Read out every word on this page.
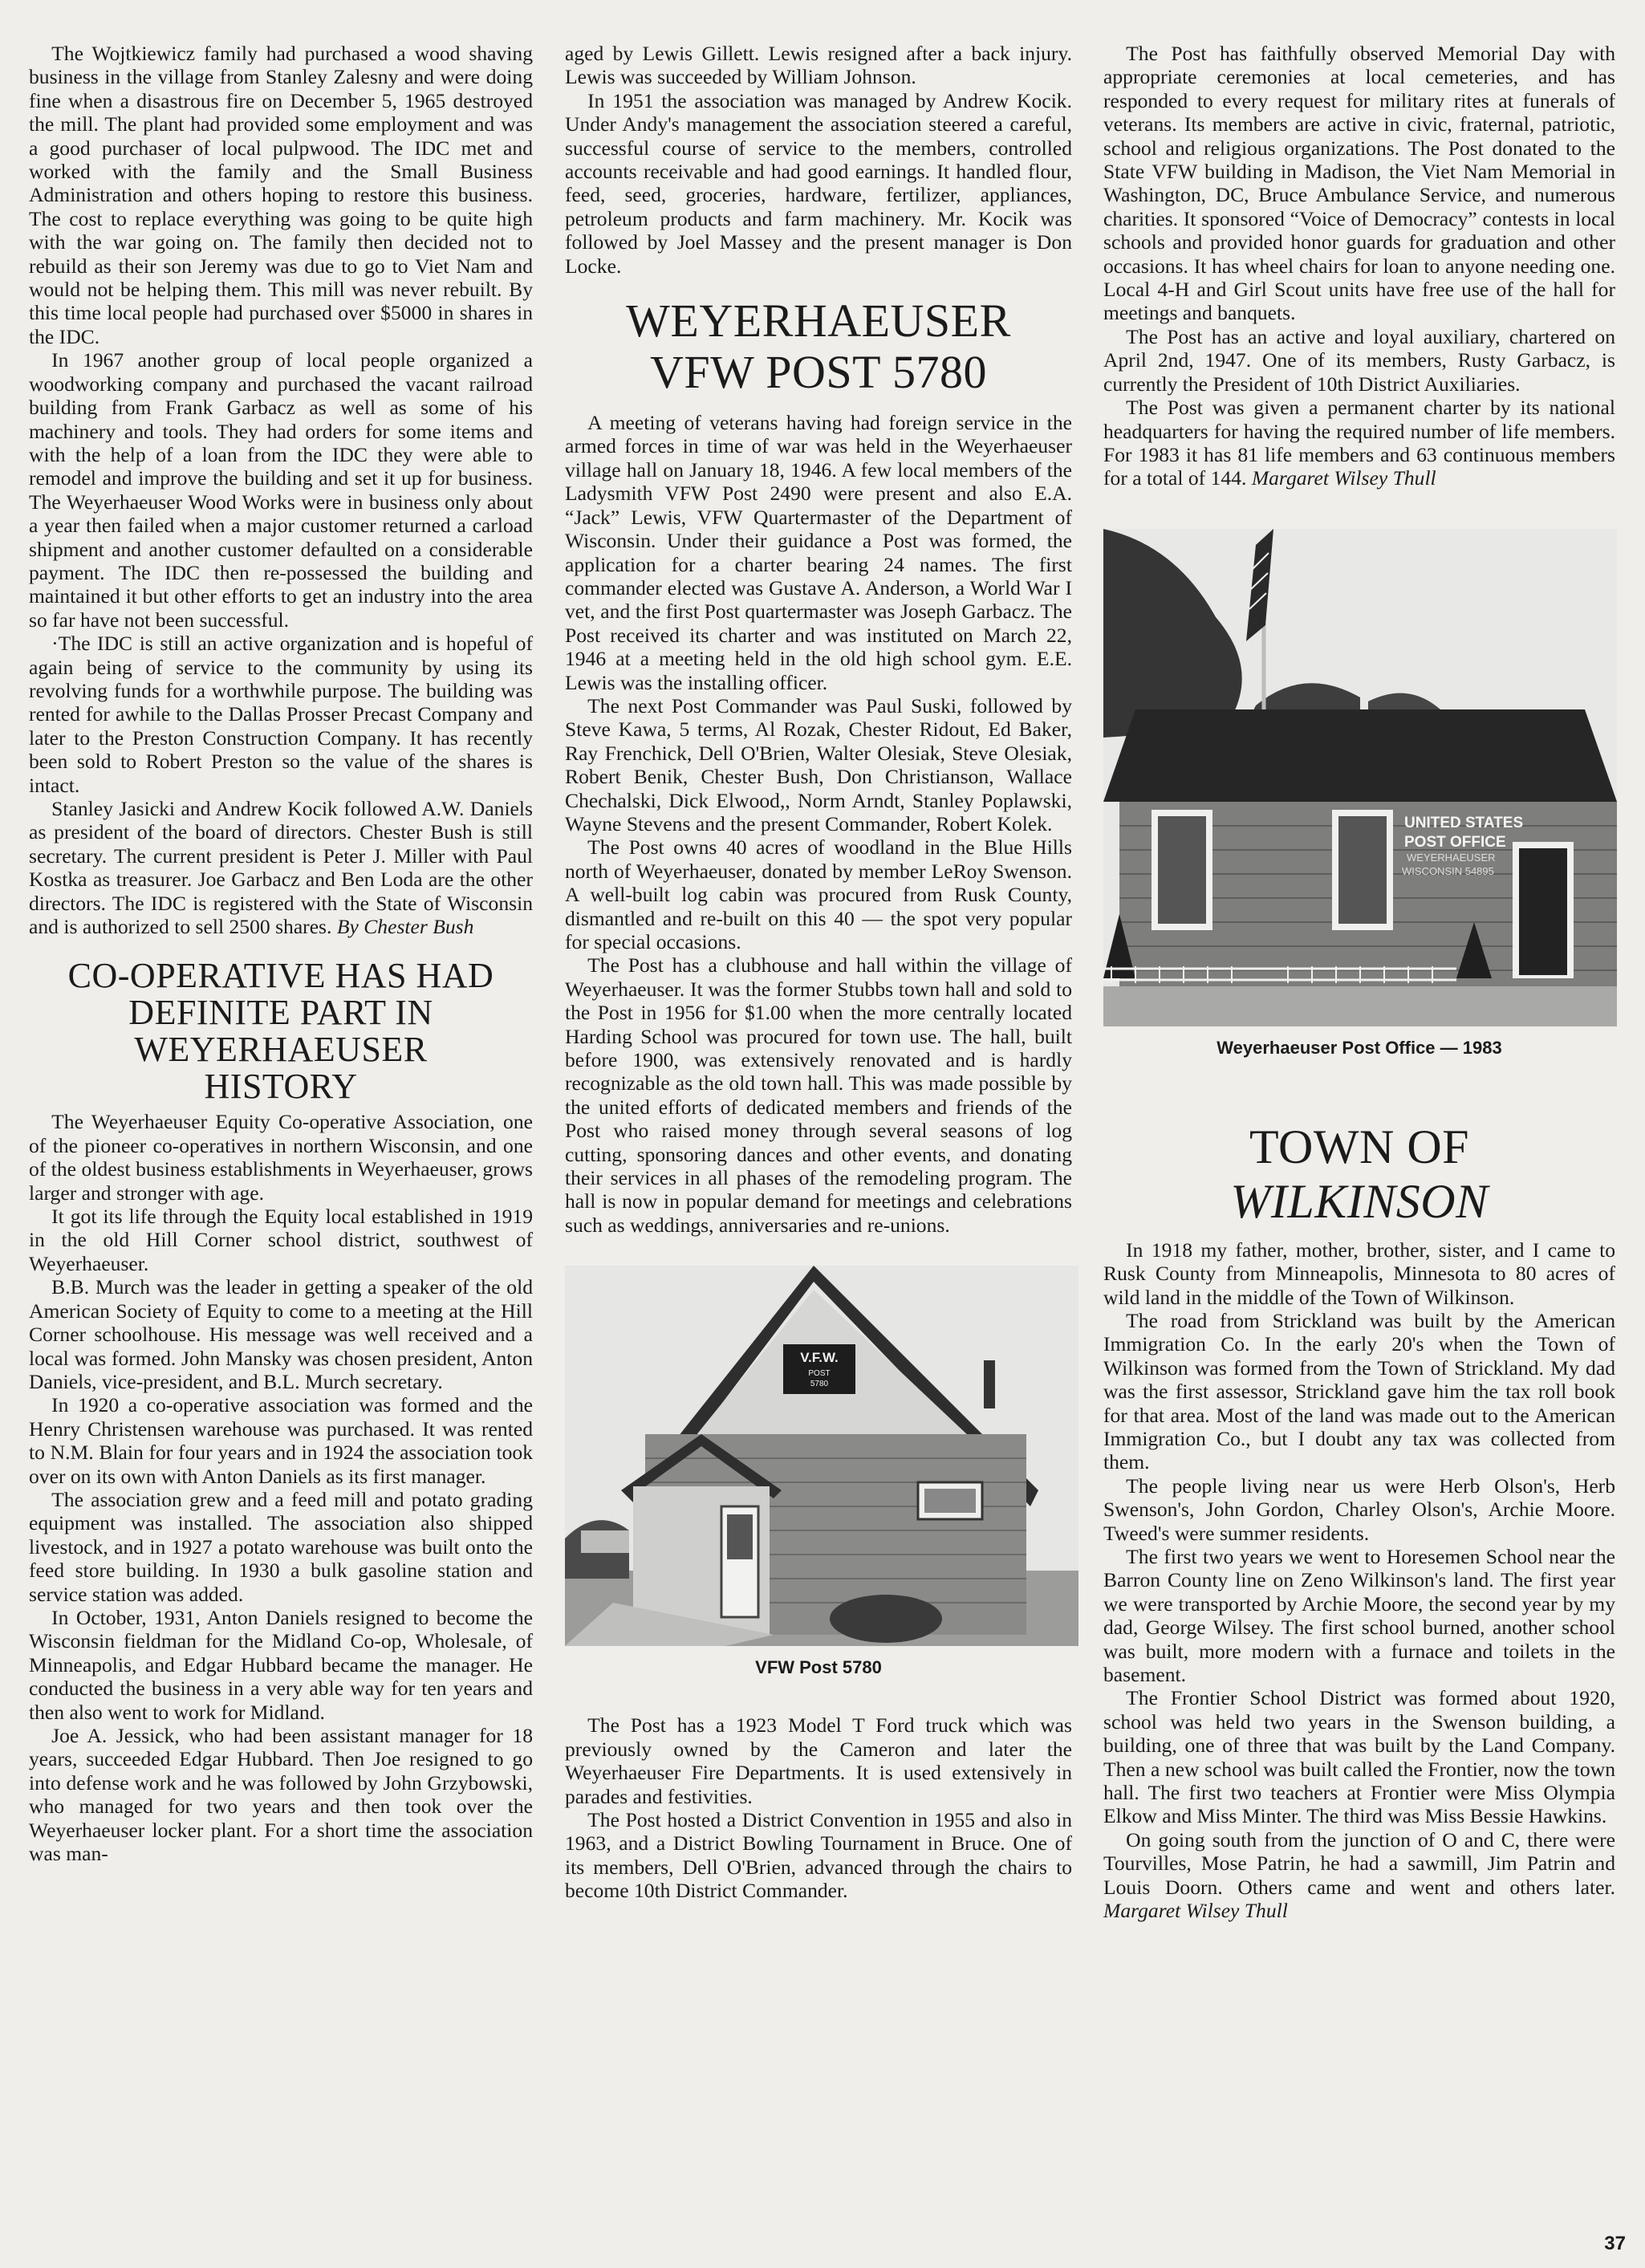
The Wojtkiewicz family had purchased a wood shaving business in the village from Stanley Zalesny and were doing fine when a disastrous fire on December 5, 1965 destroyed the mill. The plant had provided some employment and was a good purchaser of local pulpwood. The IDC met and worked with the family and the Small Business Administration and others hoping to restore this business. The cost to replace everything was going to be quite high with the war going on. The family then decided not to rebuild as their son Jeremy was due to go to Viet Nam and would not be helping them. This mill was never rebuilt. By this time local people had purchased over $5000 in shares in the IDC.

In 1967 another group of local people organized a woodworking company and purchased the vacant railroad building from Frank Garbacz as well as some of his machinery and tools. They had orders for some items and with the help of a loan from the IDC they were able to remodel and improve the building and set it up for business. The Weyerhaeuser Wood Works were in business only about a year then failed when a major customer returned a carload shipment and another customer defaulted on a considerable payment. The IDC then re-possessed the building and maintained it but other efforts to get an industry into the area so far have not been successful.

·The IDC is still an active organization and is hopeful of again being of service to the community by using its revolving funds for a worthwhile purpose. The building was rented for awhile to the Dallas Prosser Precast Company and later to the Preston Construction Company. It has recently been sold to Robert Preston so the value of the shares is intact.

Stanley Jasicki and Andrew Kocik followed A.W. Daniels as president of the board of directors. Chester Bush is still secretary. The current president is Peter J. Miller with Paul Kostka as treasurer. Joe Garbacz and Ben Loda are the other directors. The IDC is registered with the State of Wisconsin and is authorized to sell 2500 shares. By Chester Bush

CO-OPERATIVE HAS HAD
DEFINITE PART IN
WEYERHAEUSER
HISTORY

The Weyerhaeuser Equity Co-operative Association, one of the pioneer co-operatives in northern Wisconsin, and one of the oldest business establishments in Weyerhaeuser, grows larger and stronger with age.

It got its life through the Equity local established in 1919 in the old Hill Corner school district, southwest of Weyerhaeuser.

B.B. Murch was the leader in getting a speaker of the old American Society of Equity to come to a meeting at the Hill Corner schoolhouse. His message was well received and a local was formed. John Mansky was chosen president, Anton Daniels, vice-president, and B.L. Murch secretary.

In 1920 a co-operative association was formed and the Henry Christensen warehouse was purchased. It was rented to N.M. Blain for four years and in 1924 the association took over on its own with Anton Daniels as its first manager.

The association grew and a feed mill and potato grading equipment was installed. The association also shipped livestock, and in 1927 a potato warehouse was built onto the feed store building. In 1930 a bulk gasoline station and service station was added.

In October, 1931, Anton Daniels resigned to become the Wisconsin fieldman for the Midland Co-op, Wholesale, of Minneapolis, and Edgar Hubbard became the manager. He conducted the business in a very able way for ten years and then also went to work for Midland.

Joe A. Jessick, who had been assistant manager for 18 years, succeeded Edgar Hubbard. Then Joe resigned to go into defense work and he was followed by John Grzybowski, who managed for two years and then took over the Weyerhaeuser locker plant. For a short time the association was man-

aged by Lewis Gillett. Lewis resigned after a back injury. Lewis was succeeded by William Johnson.

In 1951 the association was managed by Andrew Kocik. Under Andy's management the association steered a careful, successful course of service to the members, controlled accounts receivable and had good earnings. It handled flour, feed, seed, groceries, hardware, fertilizer, appliances, petroleum products and farm machinery. Mr. Kocik was followed by Joel Massey and the present manager is Don Locke.

WEYERHAEUSER
VFW POST 5780

A meeting of veterans having had foreign service in the armed forces in time of war was held in the Weyerhaeuser village hall on January 18, 1946. A few local members of the Ladysmith VFW Post 2490 were present and also E.A. “Jack” Lewis, VFW Quartermaster of the Department of Wisconsin. Under their guidance a Post was formed, the application for a charter bearing 24 names. The first commander elected was Gustave A. Anderson, a World War I vet, and the first Post quartermaster was Joseph Garbacz. The Post received its charter and was instituted on March 22, 1946 at a meeting held in the old high school gym. E.E. Lewis was the installing officer.

The next Post Commander was Paul Suski, followed by Steve Kawa, 5 terms, Al Rozak, Chester Ridout, Ed Baker, Ray Frenchick, Dell O'Brien, Walter Olesiak, Steve Olesiak, Robert Benik, Chester Bush, Don Christianson, Wallace Chechalski, Dick Elwood,, Norm Arndt, Stanley Poplawski, Wayne Stevens and the present Commander, Robert Kolek.

The Post owns 40 acres of woodland in the Blue Hills north of Weyerhaeuser, donated by member LeRoy Swenson. A well-built log cabin was procured from Rusk County, dismantled and re-built on this 40 — the spot very popular for special occasions.

The Post has a clubhouse and hall within the village of Weyerhaeuser. It was the former Stubbs town hall and sold to the Post in 1956 for $1.00 when the more centrally located Harding School was procured for town use. The hall, built before 1900, was extensively renovated and is hardly recognizable as the old town hall. This was made possible by the united efforts of dedicated members and friends of the Post who raised money through several seasons of log cutting, sponsoring dances and other events, and donating their services in all phases of the remodeling program. The hall is now in popular demand for meetings and celebrations such as weddings, anniversaries and re-unions.

V.F.W.
POST
5780
VFW Post 5780

The Post has a 1923 Model T Ford truck which was previously owned by the Cameron and later the Weyerhaeuser Fire Departments. It is used extensively in parades and festivities.

The Post hosted a District Convention in 1955 and also in 1963, and a District Bowling Tournament in Bruce. One of its members, Dell O'Brien, advanced through the chairs to become 10th District Commander.

The Post has faithfully observed Memorial Day with appropriate ceremonies at local cemeteries, and has responded to every request for military rites at funerals of veterans. Its members are active in civic, fraternal, patriotic, school and religious organizations. The Post donated to the State VFW building in Madison, the Viet Nam Memorial in Washington, DC, Bruce Ambulance Service, and numerous charities. It sponsored “Voice of Democracy” contests in local schools and provided honor guards for graduation and other occasions. It has wheel chairs for loan to anyone needing one. Local 4-H and Girl Scout units have free use of the hall for meetings and banquets.

The Post has an active and loyal auxiliary, chartered on April 2nd, 1947. One of its members, Rusty Garbacz, is currently the President of 10th District Auxiliaries.

The Post was given a permanent charter by its national headquarters for having the required number of life members. For 1983 it has 81 life members and 63 continuous members for a total of 144. Margaret Wilsey Thull

UNITED STATES
POST OFFICE
WEYERHAEUSER
WISCONSIN 54895
Weyerhaeuser Post Office — 1983
TOWN OF
WILKINSON

In 1918 my father, mother, brother, sister, and I came to Rusk County from Minneapolis, Minnesota to 80 acres of wild land in the middle of the Town of Wilkinson.

The road from Strickland was built by the American Immigration Co. In the early 20's when the Town of Wilkinson was formed from the Town of Strickland. My dad was the first assessor, Strickland gave him the tax roll book for that area. Most of the land was made out to the American Immigration Co., but I doubt any tax was collected from them.

The people living near us were Herb Olson's, Herb Swenson's, John Gordon, Charley Olson's, Archie Moore. Tweed's were summer residents.

The first two years we went to Horesemen School near the Barron County line on Zeno Wilkinson's land. The first year we were transported by Archie Moore, the second year by my dad, George Wilsey. The first school burned, another school was built, more modern with a furnace and toilets in the basement.

The Frontier School District was formed about 1920, school was held two years in the Swenson building, a building, one of three that was built by the Land Company. Then a new school was built called the Frontier, now the town hall. The first two teachers at Frontier were Miss Olympia Elkow and Miss Minter. The third was Miss Bessie Hawkins.

On going south from the junction of O and C, there were Tourvilles, Mose Patrin, he had a sawmill, Jim Patrin and Louis Doorn. Others came and went and others later. Margaret Wilsey Thull

37
